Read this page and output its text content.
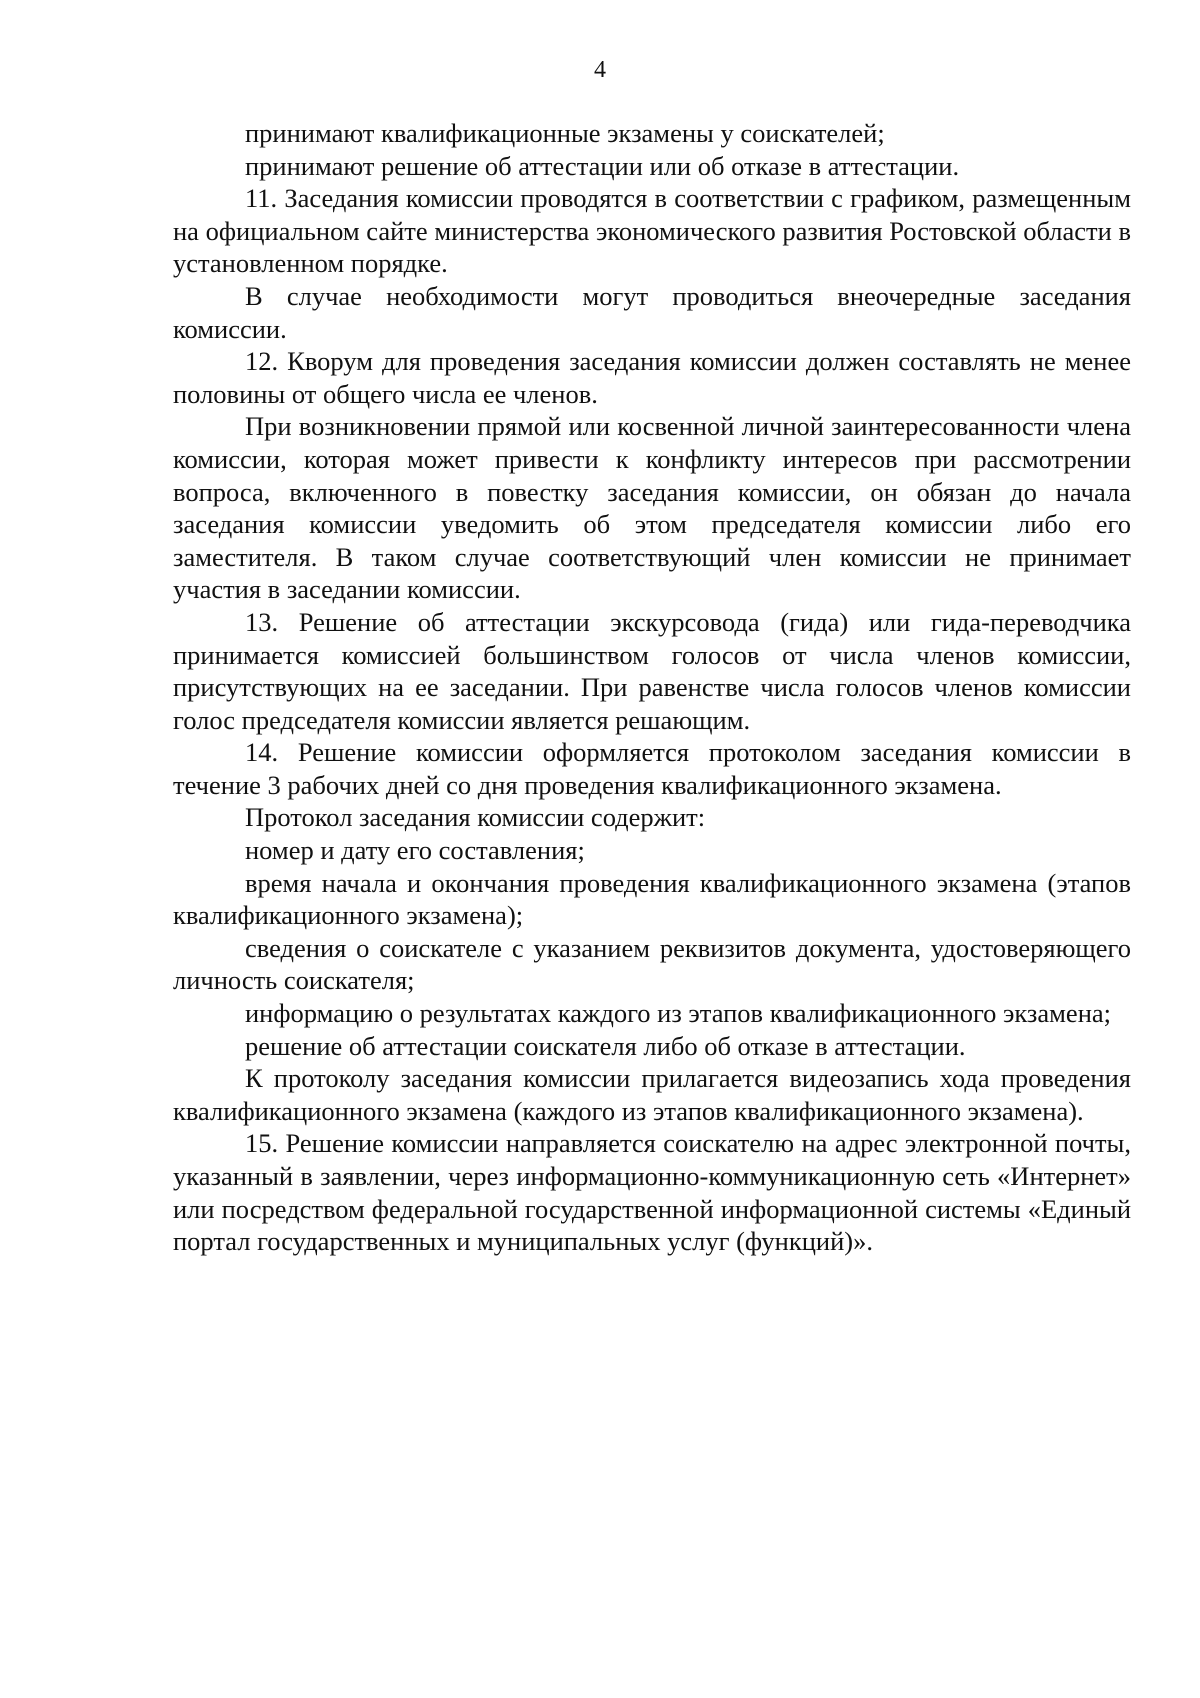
4

принимают квалификационные экзамены у соискателей;

принимают решение об аттестации или об отказе в аттестации.

11. Заседания комиссии проводятся в соответствии с графиком, размещенным на официальном сайте министерства экономического развития Ростовской области в установленном порядке.

В случае необходимости могут проводиться внеочередные заседания комиссии.

12. Кворум для проведения заседания комиссии должен составлять не менее половины от общего числа ее членов.

При возникновении прямой или косвенной личной заинтересованности члена комиссии, которая может привести к конфликту интересов при рассмотрении вопроса, включенного в повестку заседания комиссии, он обязан до начала заседания комиссии уведомить об этом председателя комиссии либо его заместителя. В таком случае соответствующий член комиссии не принимает участия в заседании комиссии.

13. Решение об аттестации экскурсовода (гида) или гида-переводчика принимается комиссией большинством голосов от числа членов комиссии, присутствующих на ее заседании. При равенстве числа голосов членов комиссии голос председателя комиссии является решающим.

14. Решение комиссии оформляется протоколом заседания комиссии в течение 3 рабочих дней со дня проведения квалификационного экзамена.

Протокол заседания комиссии содержит:

номер и дату его составления;

время начала и окончания проведения квалификационного экзамена (этапов квалификационного экзамена);

сведения о соискателе с указанием реквизитов документа, удостоверяющего личность соискателя;

информацию о результатах каждого из этапов квалификационного экзамена;

решение об аттестации соискателя либо об отказе в аттестации.

К протоколу заседания комиссии прилагается видеозапись хода проведения квалификационного экзамена (каждого из этапов квалификационного экзамена).

15. Решение комиссии направляется соискателю на адрес электронной почты, указанный в заявлении, через информационно-коммуникационную сеть «Интернет» или посредством федеральной государственной информационной системы «Единый портал государственных и муниципальных услуг (функций)».
